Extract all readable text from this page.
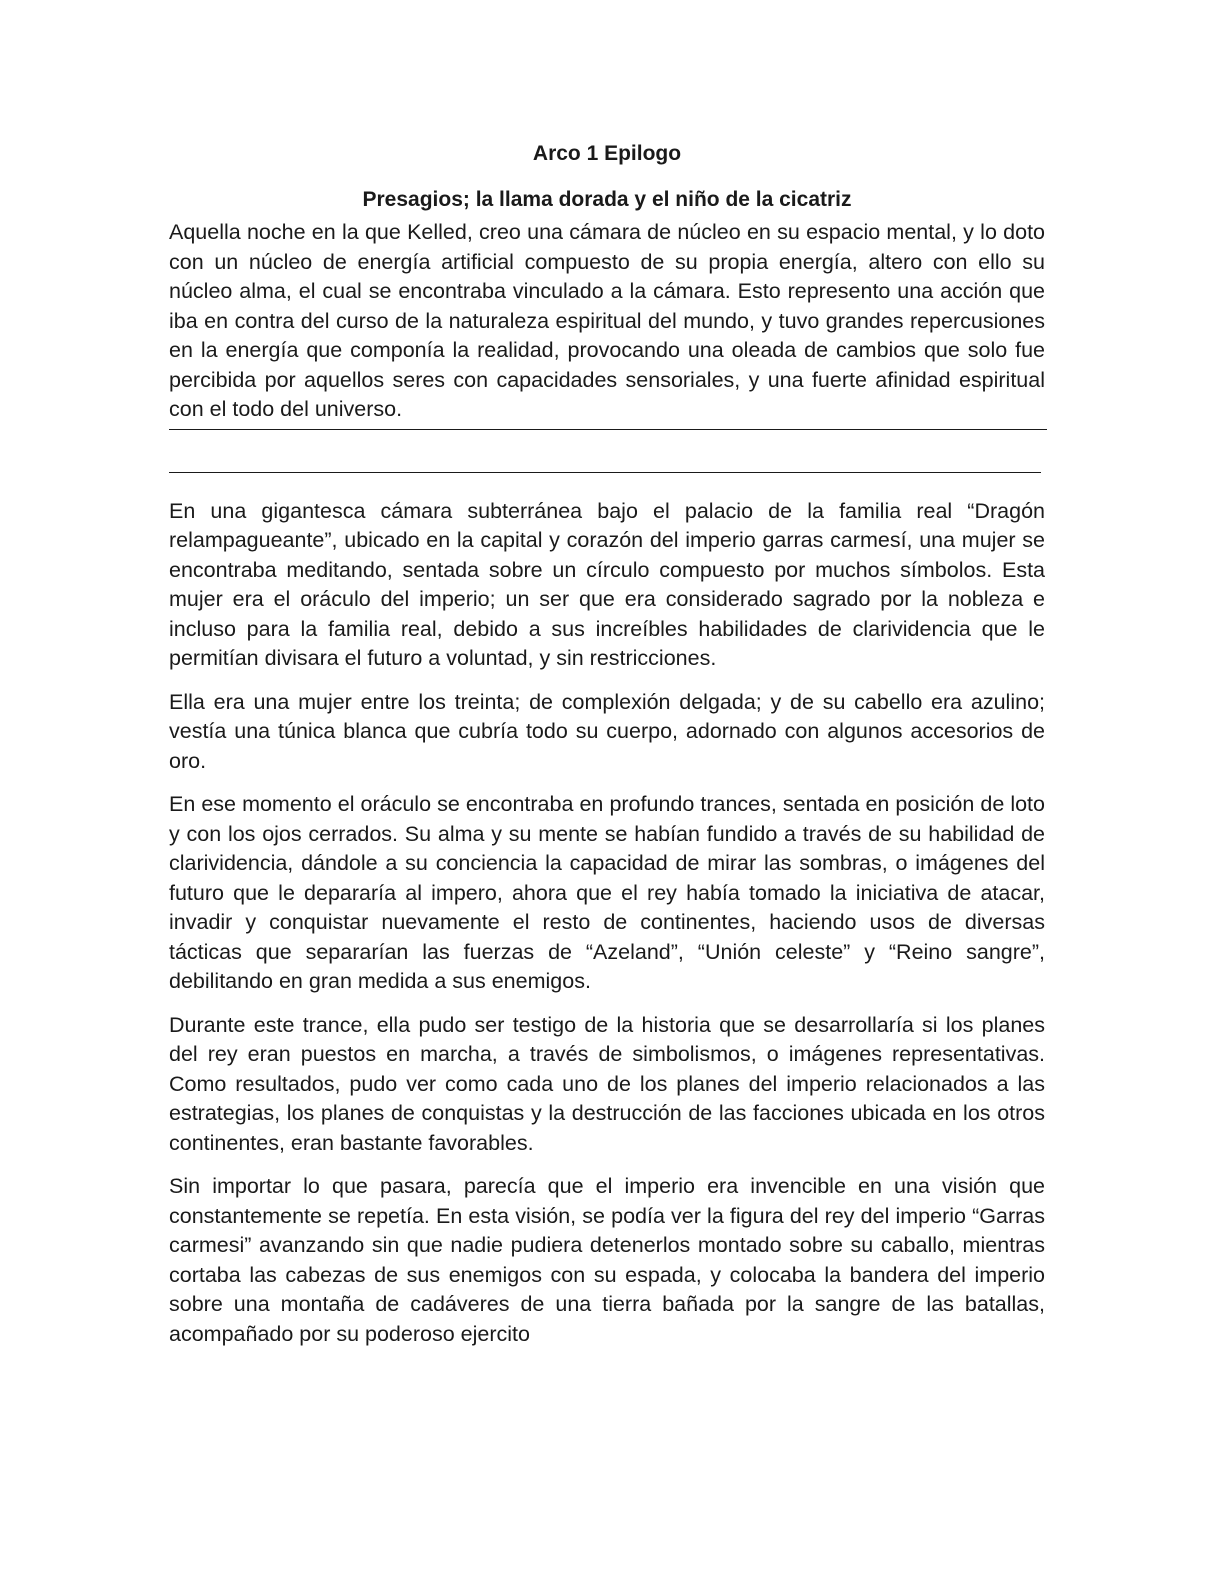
Arco 1 Epilogo
Presagios; la llama dorada y el niño de la cicatriz

Aquella noche en la que Kelled, creo una cámara de núcleo en su espacio mental, y lo doto con un núcleo de energía artificial compuesto de su propia energía, altero con ello su núcleo alma, el cual se encontraba vinculado a la cámara. Esto represento una acción que iba en contra del curso de la naturaleza espiritual del mundo, y tuvo grandes repercusiones en la energía que componía la realidad, provocando una oleada de cambios que solo fue percibida por aquellos seres con capacidades sensoriales, y una fuerte afinidad espiritual con el todo del universo.

En una gigantesca cámara subterránea bajo el palacio de la familia real “Dragón relampagueante”, ubicado en la capital y corazón del imperio garras carmesí, una mujer se encontraba meditando, sentada sobre un círculo compuesto por muchos símbolos. Esta mujer era el oráculo del imperio; un ser que era considerado sagrado por la nobleza e incluso para la familia real, debido a sus increíbles habilidades de clarividencia que le permitían divisara el futuro a voluntad, y sin restricciones.

Ella era una mujer entre los treinta; de complexión delgada; y de su cabello era azulino; vestía una túnica blanca que cubría todo su cuerpo, adornado con algunos accesorios de oro.

En ese momento el oráculo se encontraba en profundo trances, sentada en posición de loto y con los ojos cerrados. Su alma y su mente se habían fundido a través de su habilidad de clarividencia, dándole a su conciencia la capacidad de mirar las sombras, o imágenes del futuro que le depararía al impero, ahora que el rey había tomado la iniciativa de atacar, invadir y conquistar nuevamente el resto de continentes, haciendo usos de diversas tácticas que separarían las fuerzas de “Azeland”, “Unión celeste” y “Reino sangre”, debilitando en gran medida a sus enemigos.

Durante este trance, ella pudo ser testigo de la historia que se desarrollaría si los planes del rey eran puestos en marcha, a través de simbolismos, o imágenes representativas. Como resultados, pudo ver como cada uno de los planes del imperio relacionados a las estrategias, los planes de conquistas y la destrucción de las facciones ubicada en los otros continentes, eran bastante favorables.

Sin importar lo que pasara, parecía que el imperio era invencible en una visión que constantemente se repetía. En esta visión, se podía ver la figura del rey del imperio “Garras carmesi” avanzando sin que nadie pudiera detenerlos montado sobre su caballo, mientras cortaba las cabezas de sus enemigos con su espada, y colocaba la bandera del imperio sobre una montaña de cadáveres de una tierra bañada por la sangre de las batallas, acompañado por su poderoso ejercito
